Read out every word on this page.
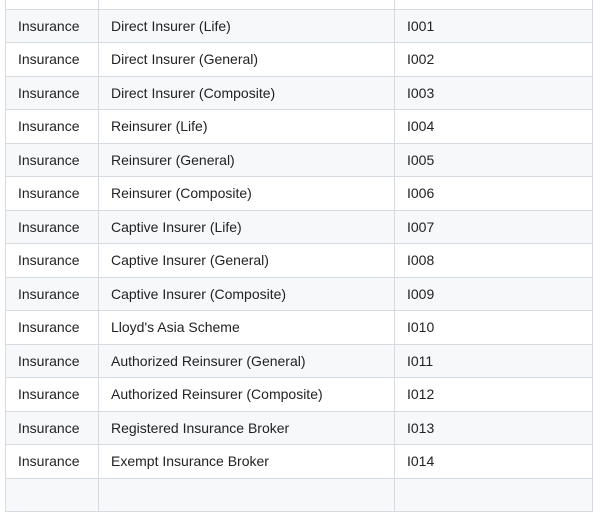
Insurance	Direct Insurer (Life)	I001
Insurance	Direct Insurer (General)	I002
Insurance	Direct Insurer (Composite)	I003
Insurance	Reinsurer (Life)	I004
Insurance	Reinsurer (General)	I005
Insurance	Reinsurer (Composite)	I006
Insurance	Captive Insurer (Life)	I007
Insurance	Captive Insurer (General)	I008
Insurance	Captive Insurer (Composite)	I009
Insurance	Lloyd's Asia Scheme	I010
Insurance	Authorized Reinsurer (General)	I011
Insurance	Authorized Reinsurer (Composite)	I012
Insurance	Registered Insurance Broker	I013
Insurance	Exempt Insurance Broker	I014
